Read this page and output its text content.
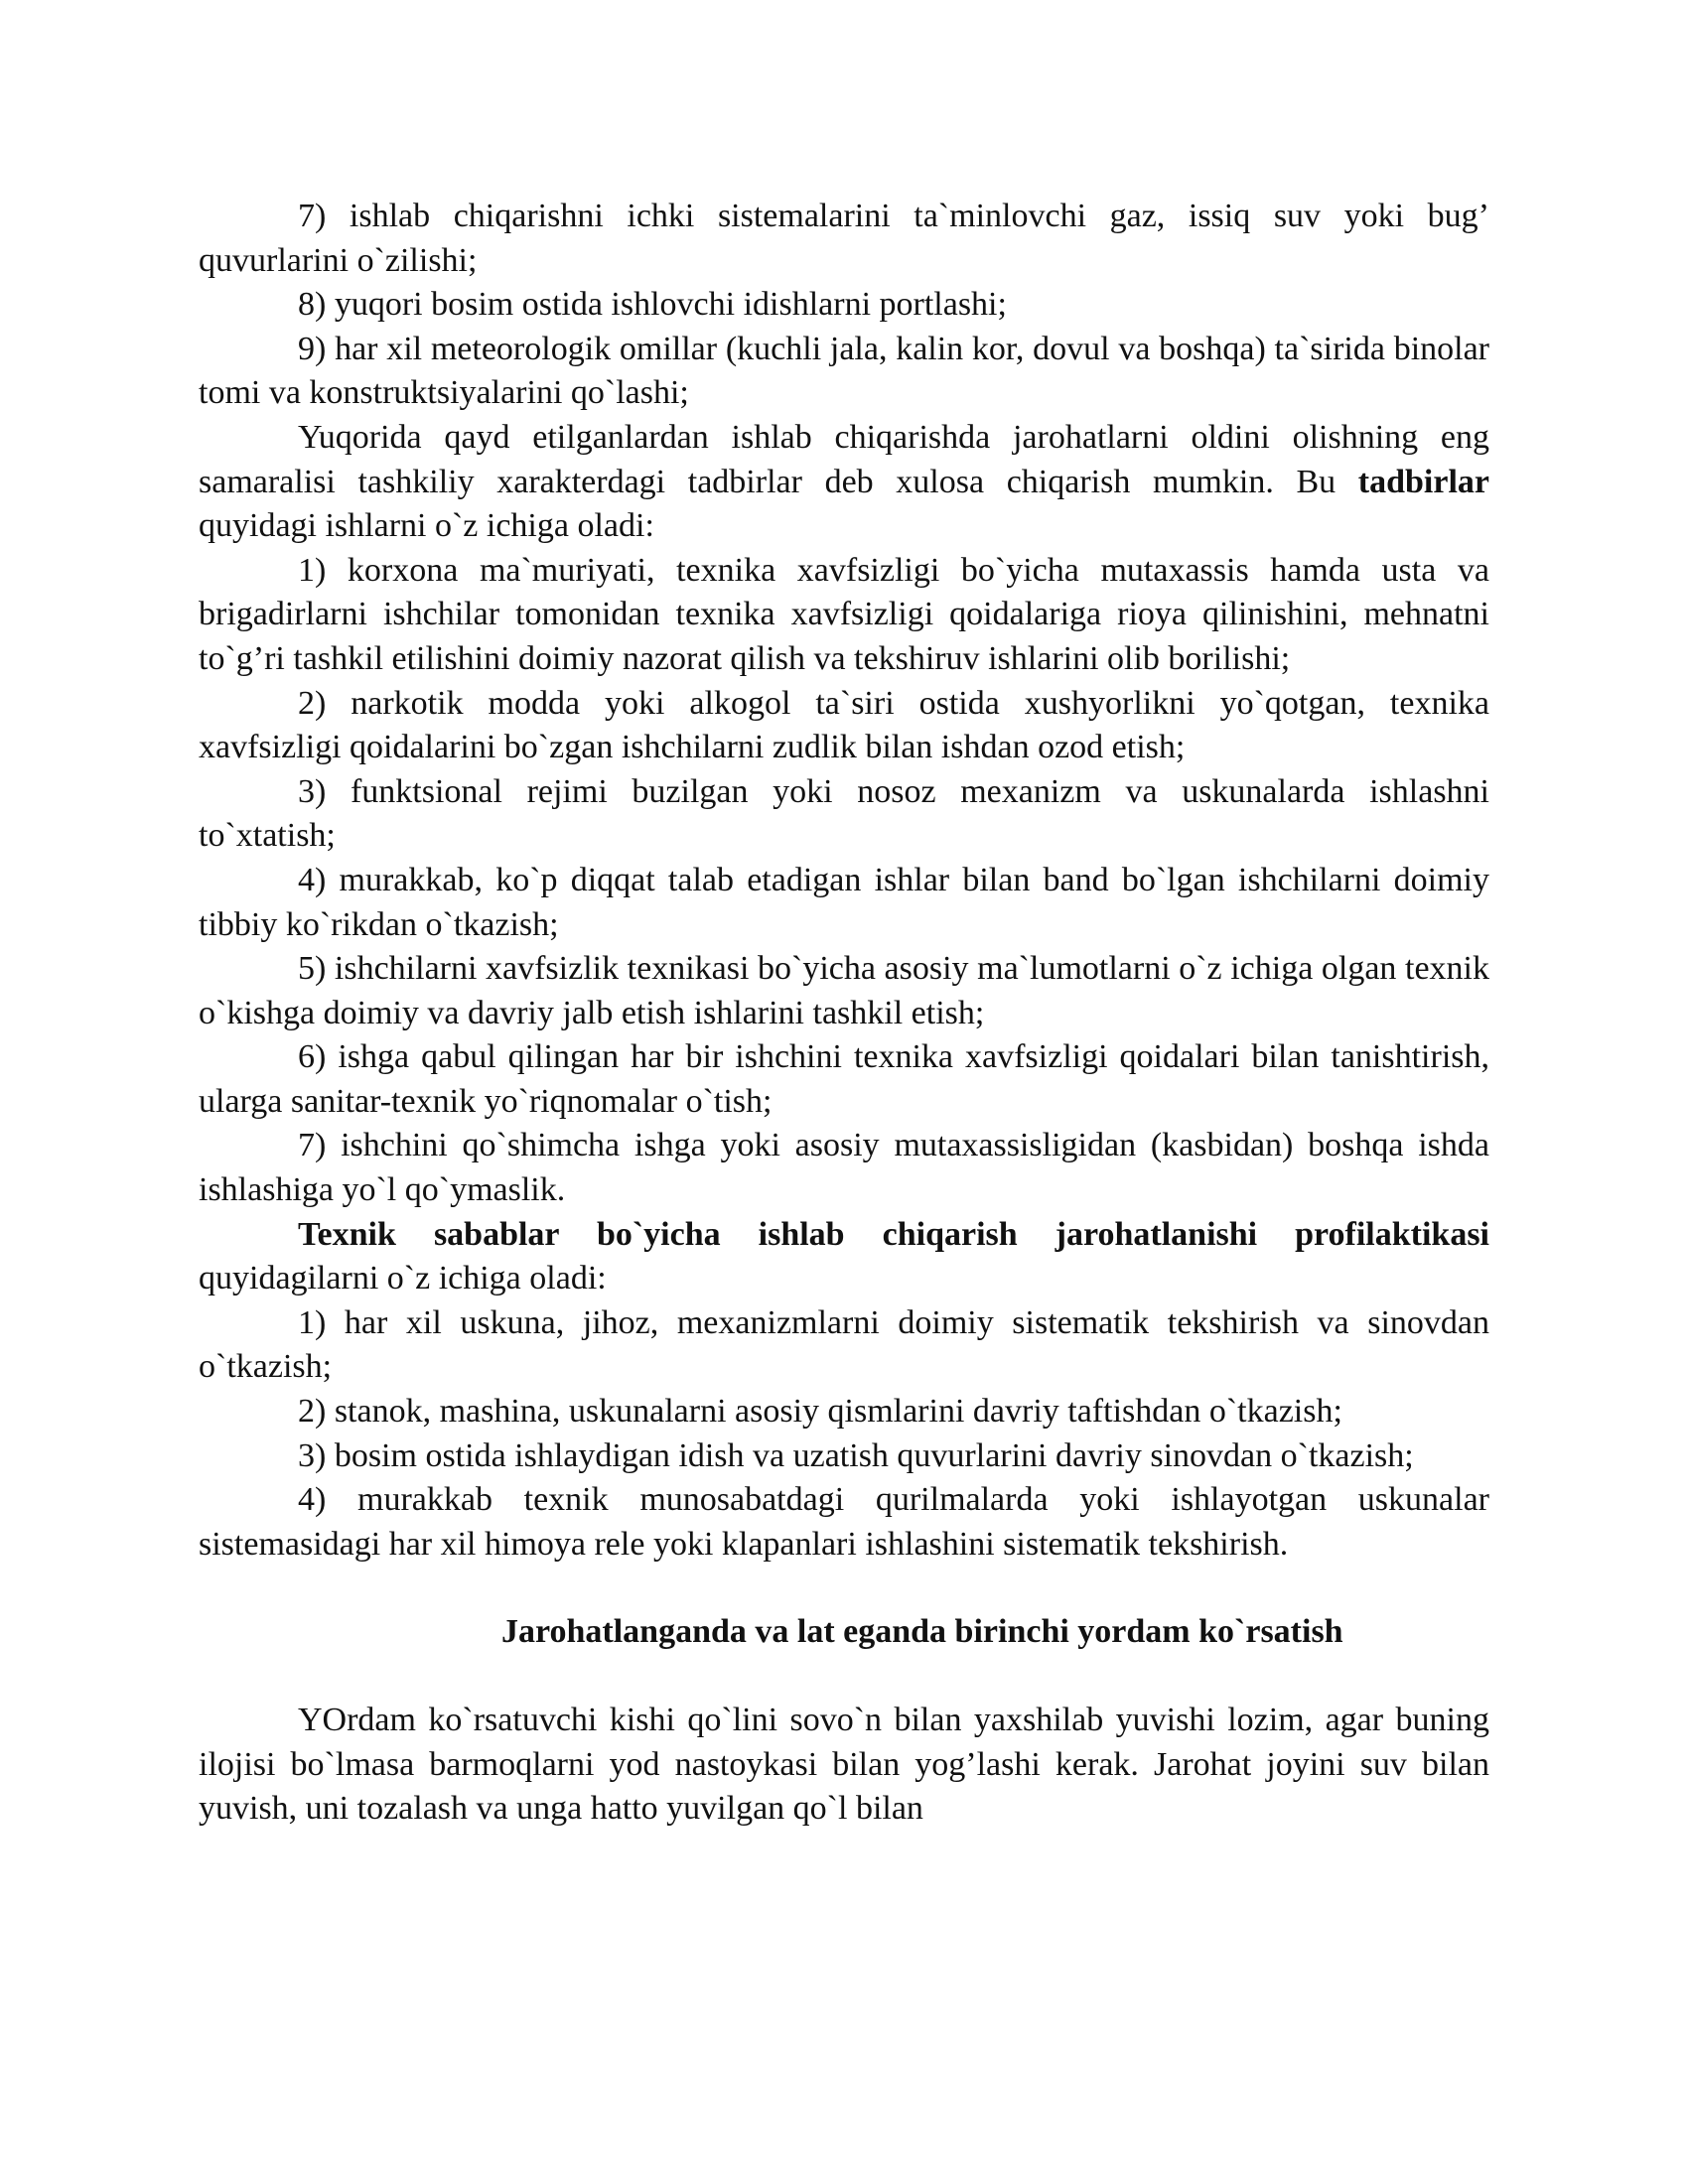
7) ishlab chiqarishni ichki sistemalarini ta`minlovchi gaz, issiq suv yoki bug’ quvurlarini o`zilishi;

8) yuqori bosim ostida ishlovchi idishlarni portlashi;

9) har xil meteorologik omillar (kuchli jala, kalin kor, dovul va boshqa) ta`sirida binolar tomi va konstruktsiyalarini qo`lashi;

Yuqorida qayd etilganlardan ishlab chiqarishda jarohatlarni oldini olishning eng samaralisi tashkiliy xarakterdagi tadbirlar deb xulosa chiqarish mumkin. Bu tadbirlar quyidagi ishlarni o`z ichiga oladi:

1) korxona ma`muriyati, texnika xavfsizligi bo`yicha mutaxassis hamda usta va brigadirlarni ishchilar tomonidan texnika xavfsizligi qoidalariga rioya qilinishini, mehnatni to`g’ri tashkil etilishini doimiy nazorat qilish va tekshiruv ishlarini olib borilishi;

2) narkotik modda yoki alkogol ta`siri ostida xushyorlikni yo`qotgan, texnika xavfsizligi qoidalarini bo`zgan ishchilarni zudlik bilan ishdan ozod etish;

3) funktsional rejimi buzilgan yoki nosoz mexanizm va uskunalarda ishlashni to`xtatish;

4) murakkab, ko`p diqqat talab etadigan ishlar bilan band bo`lgan ishchilarni doimiy tibbiy ko`rikdan o`tkazish;

5) ishchilarni xavfsizlik texnikasi bo`yicha asosiy ma`lumotlarni o`z ichiga olgan texnik o`kishga doimiy va davriy jalb etish ishlarini tashkil etish;

6) ishga qabul qilingan har bir ishchini texnika xavfsizligi qoidalari bilan tanishtirish, ularga sanitar-texnik yo`riqnomalar o`tish;

7) ishchini qo`shimcha ishga yoki asosiy mutaxassisligidan (kasbidan) boshqa ishda ishlashiga yo`l qo`ymaslik.

Texnik sabablar bo`yicha ishlab chiqarish jarohatlanishi profilaktikasi quyidagilarni o`z ichiga oladi:

1) har xil uskuna, jihoz, mexanizmlarni doimiy sistematik tekshirish va sinovdan o`tkazish;

2) stanok, mashina, uskunalarni asosiy qismlarini davriy taftishdan o`tkazish;

3) bosim ostida ishlaydigan idish va uzatish quvurlarini davriy sinovdan o`tkazish;

4) murakkab texnik munosabatdagi qurilmalarda yoki ishlayotgan uskunalar sistemasidagi har xil himoya rele yoki klapanlari ishlashini sistematik tekshirish.

Jarohatlanganda va lat eganda birinchi yordam ko`rsatish

YOrdam ko`rsatuvchi kishi qo`lini sovo`n bilan yaxshilab yuvishi lozim, agar buning ilojisi bo`lmasa barmoqlarni yod nastoykasi bilan yog’lashi kerak. Jarohat joyini suv bilan yuvish, uni tozalash va unga hatto yuvilgan qo`l bilan
